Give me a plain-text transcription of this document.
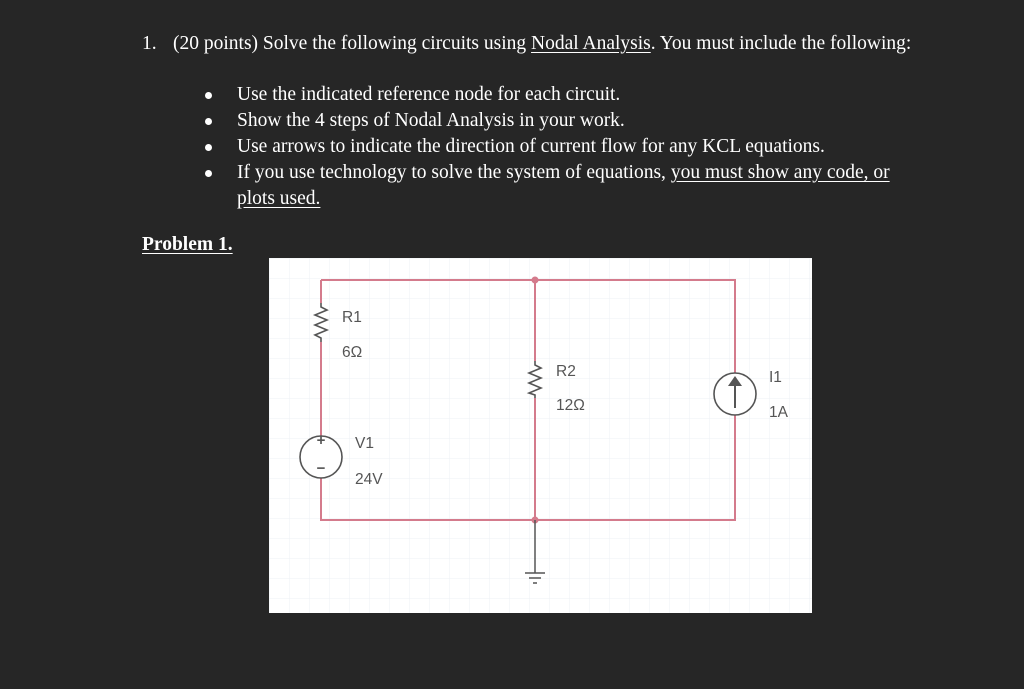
1. (20 points) Solve the following circuits using Nodal Analysis. You must include the following:
Use the indicated reference node for each circuit.
Show the 4 steps of Nodal Analysis in your work.
Use arrows to indicate the direction of current flow for any KCL equations.
If you use technology to solve the system of equations, you must show any code, or plots used.
Problem 1.
+
−
R1
6Ω
R2
12Ω
V1
24V
I1
1A
